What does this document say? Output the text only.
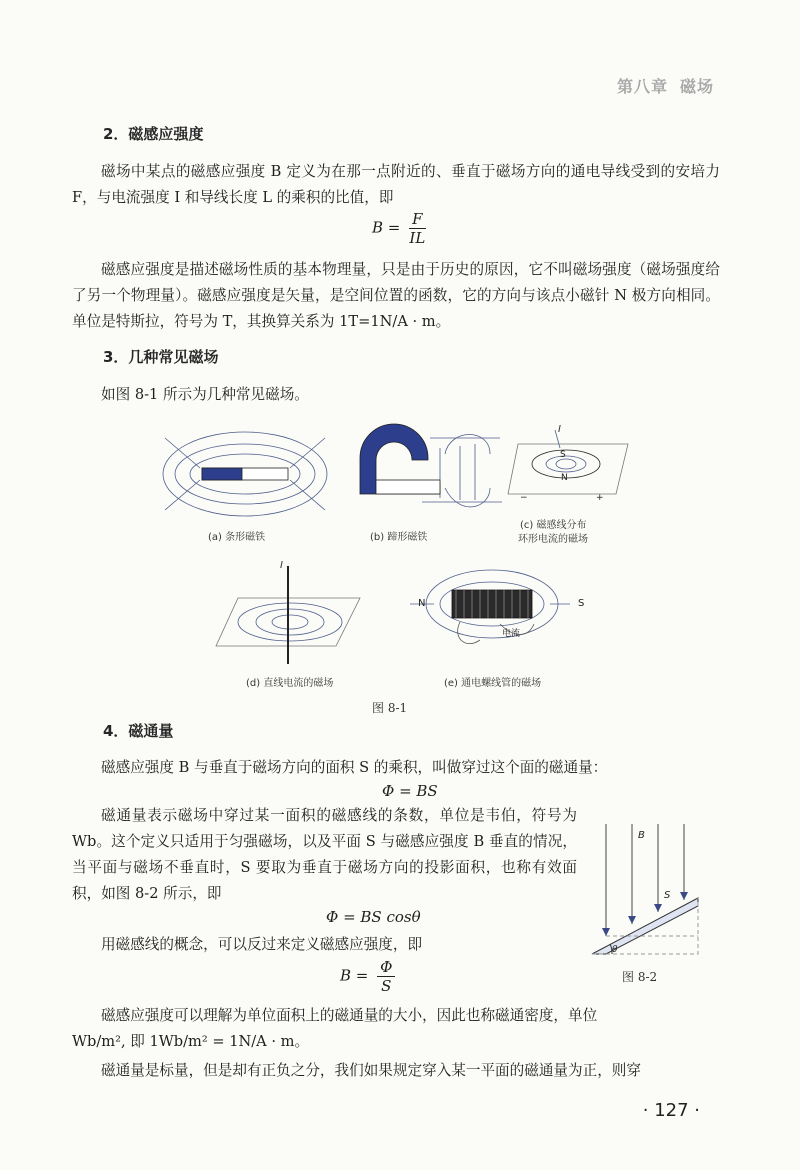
第八章 磁场
2．磁感应强度
磁场中某点的磁感应强度 B 定义为在那一点附近的、垂直于磁场方向的通电导线受到的安培力 F，与电流强度 I 和导线长度 L 的乘积的比值，即
$B = \frac{F}{IL}$
磁感应强度是描述磁场性质的基本物理量，只是由于历史的原因，它不叫磁场强度（磁场强度给了另一个物理量）。磁感应强度是矢量，是空间位置的函数，它的方向与该点小磁针 N 极方向相同。单位是特斯拉，符号为 T，其换算关系为 1T=1N/A · m。
3．几种常见磁场
如图 8-1 所示为几种常见磁场。
I
S
N
−	+
(a) 条形磁铁	(b) 蹄形磁铁
(c) 磁感线分布
环形电流的磁场
I
N	S
电流
(d) 直线电流的磁场	(e) 通电螺线管的磁场
图 8-1
4．磁通量
磁感应强度 B 与垂直于磁场方向的面积 S 的乘积，叫做穿过这个面的磁通量：
Φ = BS
磁通量表示磁场中穿过某一面积的磁感线的条数，单位是韦伯，符号为 Wb。这个定义只适用于匀强磁场，以及平面 S 与磁感应强度 B 垂直的情况，当平面与磁场不垂直时，S 要取为垂直于磁场方向的投影面积，也称有效面积，如图 8-2 所示，即
Φ = BS cosθ
用磁感线的概念，可以反过来定义磁感应强度，即
$B = \frac{\Phi}{S}$
B
S
θ
图 8-2
磁感应强度可以理解为单位面积上的磁通量的大小，因此也称磁通密度，单位
Wb/m², 即 1Wb/m² = 1N/A · m。
磁通量是标量，但是却有正负之分，我们如果规定穿入某一平面的磁通量为正，则穿
· 127 ·
